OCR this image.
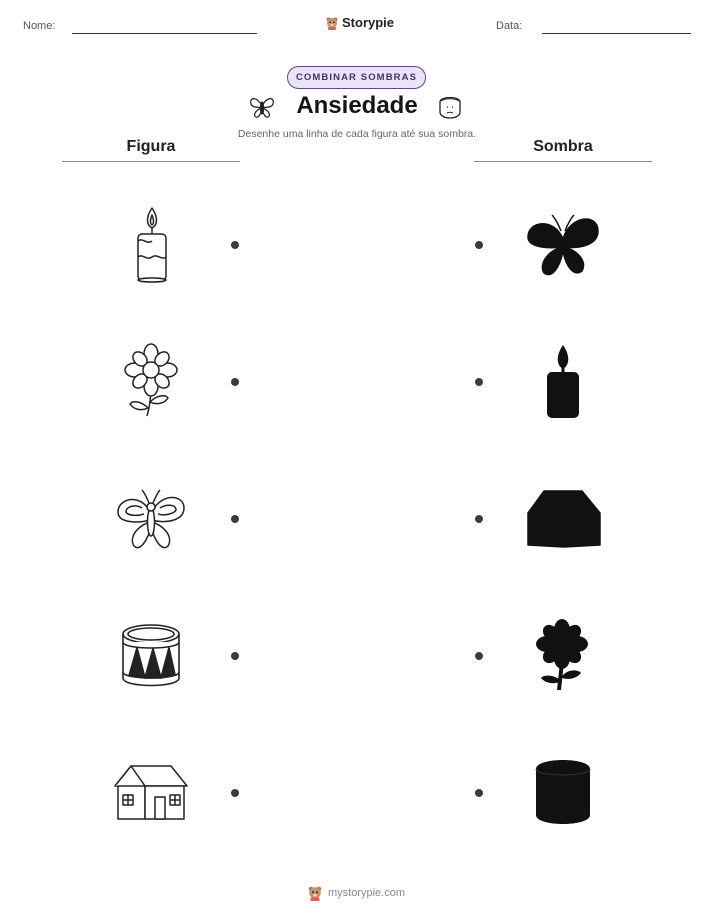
Nome:	Storypie	Data:
COMBINAR SOMBRAS
Ansiedade
Desenhe uma linha de cada figura até sua sombra.
Figura	Sombra
mystorypie.com
